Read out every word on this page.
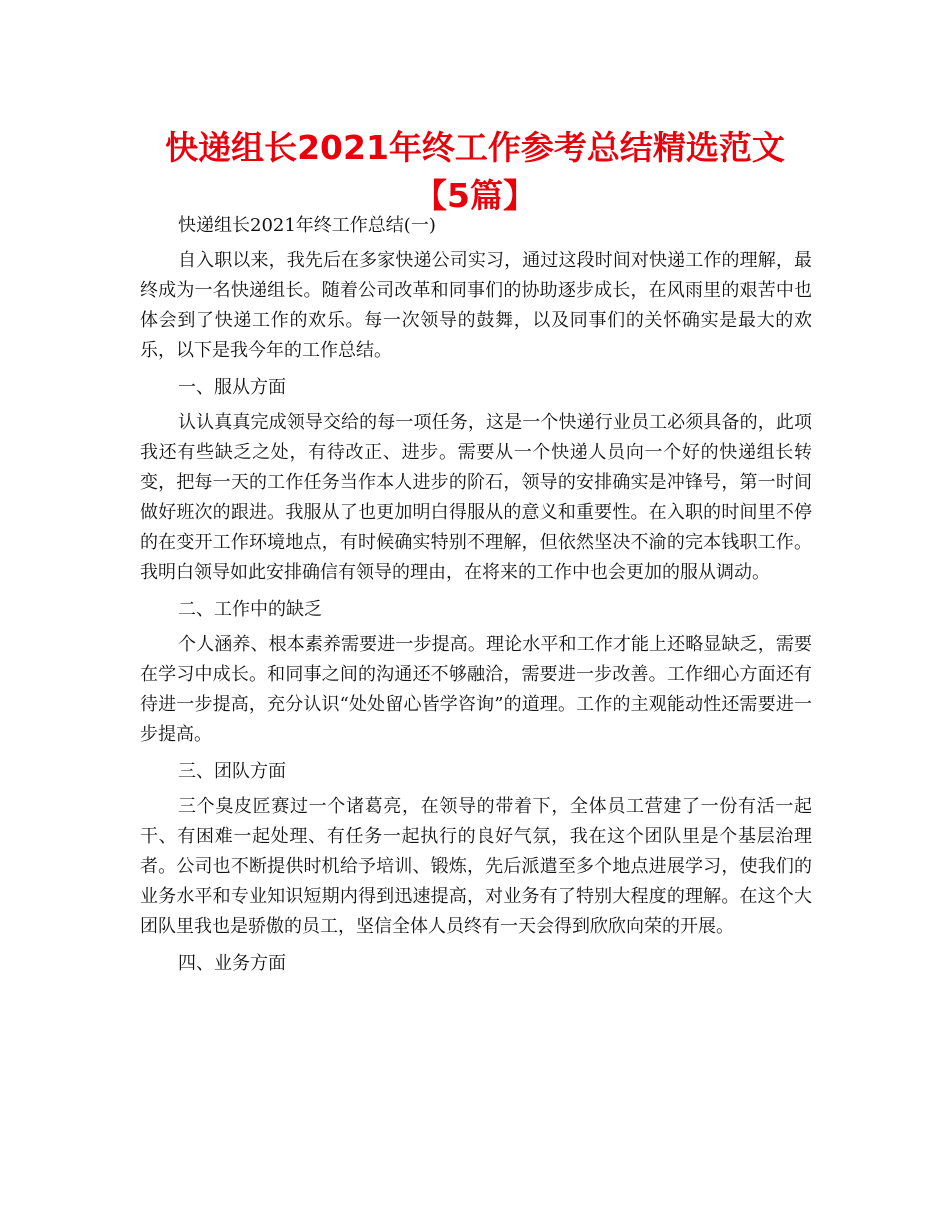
快递组长2021年终工作参考总结精选范文【5篇】

快递组长2021年终工作总结(一)

自入职以来，我先后在多家快递公司实习，通过这段时间对快递工作的理解，最终成为一名快递组长。随着公司改革和同事们的协助逐步成长，在风雨里的艰苦中也体会到了快递工作的欢乐。每一次领导的鼓舞，以及同事们的关怀确实是最大的欢乐，以下是我今年的工作总结。

一、服从方面

认认真真完成领导交给的每一项任务，这是一个快递行业员工必须具备的，此项我还有些缺乏之处，有待改正、进步。需要从一个快递人员向一个好的快递组长转变，把每一天的工作任务当作本人进步的阶石，领导的安排确实是冲锋号，第一时间做好班次的跟进。我服从了也更加明白得服从的意义和重要性。在入职的时间里不停的在变开工作环境地点，有时候确实特别不理解，但依然坚决不渝的完本钱职工作。我明白领导如此安排确信有领导的理由，在将来的工作中也会更加的服从调动。

二、工作中的缺乏

个人涵养、根本素养需要进一步提高。理论水平和工作才能上还略显缺乏，需要在学习中成长。和同事之间的沟通还不够融洽，需要进一步改善。工作细心方面还有待进一步提高，充分认识“处处留心皆学咨询”的道理。工作的主观能动性还需要进一步提高。

三、团队方面

三个臭皮匠赛过一个诸葛亮，在领导的带着下，全体员工营建了一份有活一起干、有困难一起处理、有任务一起执行的良好气氛，我在这个团队里是个基层治理者。公司也不断提供时机给予培训、锻炼，先后派遣至多个地点进展学习，使我们的业务水平和专业知识短期内得到迅速提高，对业务有了特别大程度的理解。在这个大团队里我也是骄傲的员工，坚信全体人员终有一天会得到欣欣向荣的开展。

四、业务方面
